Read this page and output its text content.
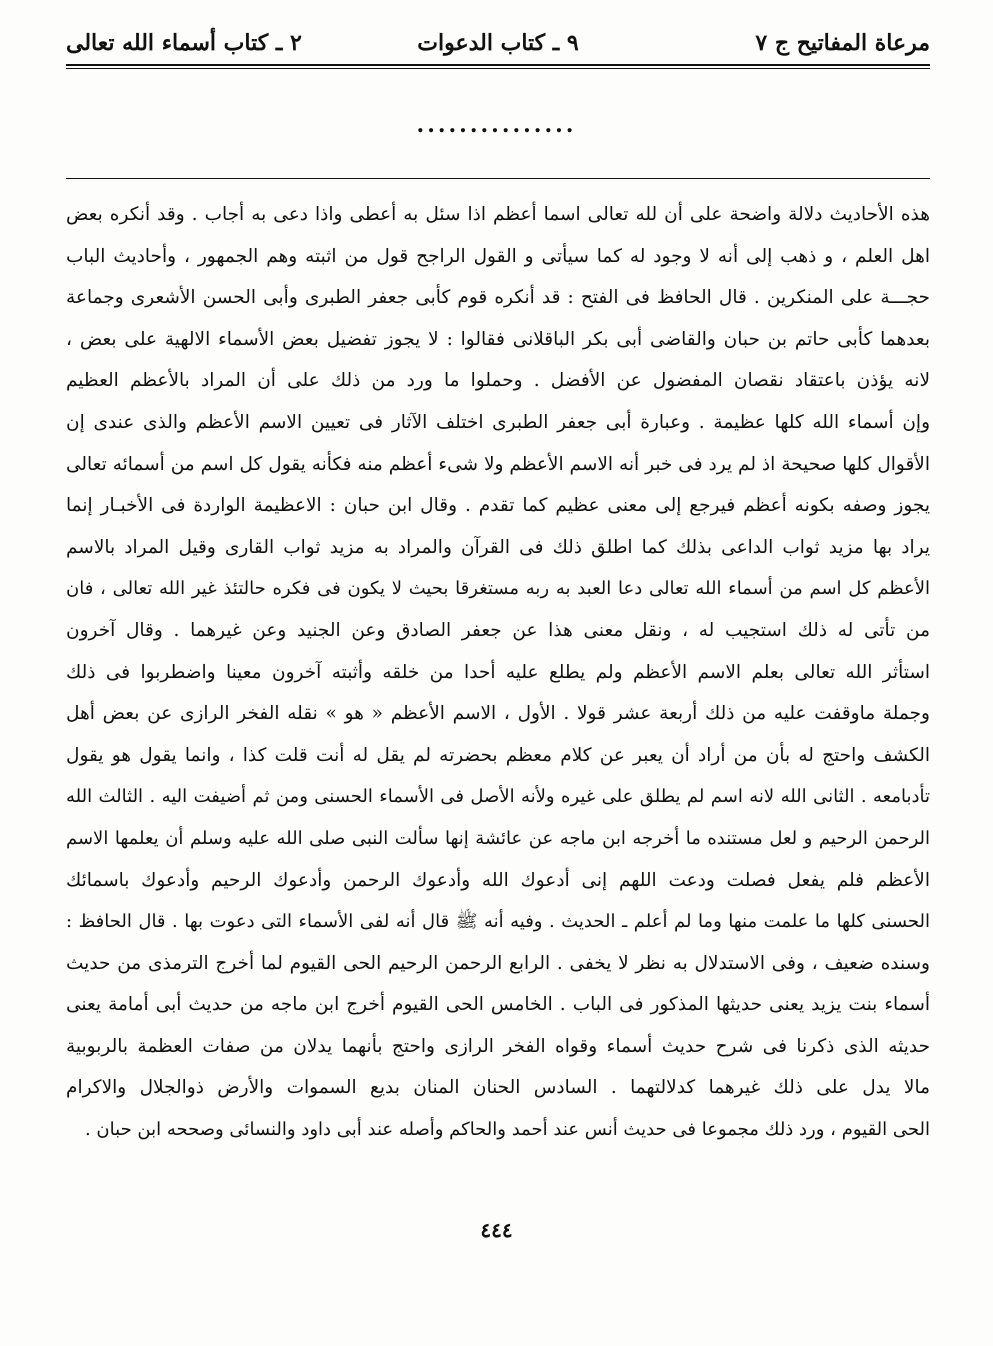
مرعاة المفاتيح ج ٧
٩ ـ كتاب الدعوات
٢ ـ كتاب أسماء الله تعالى
...............
هذه الأحاديث دلالة واضحة على أن لله تعالى اسما أعظم اذا سئل به أعطى واذا دعى به أجاب . وقد أنكره بعض
اهل العلم ، و ذهب إلى أنه لا وجود له كما سيأتى و القول الراجح قول من اثبته وهم الجمهور ، وأحاديث الباب
حجـــة على المنكرين . قال الحافظ فى الفتح : قد أنكره قوم كأبى جعفر الطبرى وأبى الحسن الأشعرى وجماعة
بعدهما كأبى حاتم بن حبان والقاضى أبى بكر الباقلانى فقالوا : لا يجوز تفضيل بعض الأسماء الالهية على بعض ،
لانه يؤذن باعتقاد نقصان المفضول عن الأفضل . وحملوا ما ورد من ذلك على أن المراد بالأعظم العظيم
وإن أسماء الله كلها عظيمة . وعبارة أبى جعفر الطبرى اختلف الآثار فى تعيين الاسم الأعظم والذى عندى إن
الأقوال كلها صحيحة اذ لم يرد فى خبر أنه الاسم الأعظم ولا شىء أعظم منه فكأنه يقول كل اسم من أسمائه تعالى
يجوز وصفه بكونه أعظم فيرجع إلى معنى عظيم كما تقدم . وقال ابن حبان : الاعظيمة الواردة فى الأخبـار إنما
يراد بها مزيد ثواب الداعى بذلك كما اطلق ذلك فى القرآن والمراد به مزيد ثواب القارى وقيل المراد بالاسم
الأعظم كل اسم من أسماء الله تعالى دعا العبد به ربه مستغرقا بحيث لا يكون فى فكره حالتئذ غير الله تعالى ، فان
من تأتى له ذلك استجيب له ، ونقل معنى هذا عن جعفر الصادق وعن الجنيد وعن غيرهما . وقال آخرون
استأثر الله تعالى بعلم الاسم الأعظم ولم يطلع عليه أحدا من خلقه وأثبته آخرون معينا واضطربوا فى ذلك
وجملة ماوقفت عليه من ذلك أربعة عشر قولا . الأول ، الاسم الأعظم « هو » نقله الفخر الرازى عن بعض أهل
الكشف واحتج له بأن من أراد أن يعبر عن كلام معظم بحضرته لم يقل له أنت قلت كذا ، وانما يقول هو يقول
تأدبامعه . الثانى الله لانه اسم لم يطلق على غيره ولأنه الأصل فى الأسماء الحسنى ومن ثم أضيفت اليه . الثالث الله
الرحمن الرحيم و لعل مستنده ما أخرجه ابن ماجه عن عائشة إنها سألت النبى صلى الله عليه وسلم أن يعلمها الاسم
الأعظم فلم يفعل فصلت ودعت اللهم إنى أدعوك الله وأدعوك الرحمن وأدعوك الرحيم وأدعوك باسمائك
الحسنى كلها ما علمت منها وما لم أعلم ـ الحديث . وفيه أنه ﷺ قال أنه لفى الأسماء التى دعوت بها . قال الحافظ :
وسنده ضعيف ، وفى الاستدلال به نظر لا يخفى . الرابع الرحمن الرحيم الحى القيوم لما أخرج الترمذى من حديث
أسماء بنت يزيد يعنى حديثها المذكور فى الباب . الخامس الحى القيوم أخرج ابن ماجه من حديث أبى أمامة يعنى
حديثه الذى ذكرنا فى شرح حديث أسماء وقواه الفخر الرازى واحتج بأنهما يدلان من صفات العظمة بالربوبية
مالا يدل على ذلك غيرهما كدلالتهما . السادس الحنان المنان بديع السموات والأرض ذوالجلال والاكرام
الحى القيوم ، ورد ذلك مجموعا فى حديث أنس عند أحمد والحاكم وأصله عند أبى داود والنسائى وصححه ابن حبان .
٤٤٤
